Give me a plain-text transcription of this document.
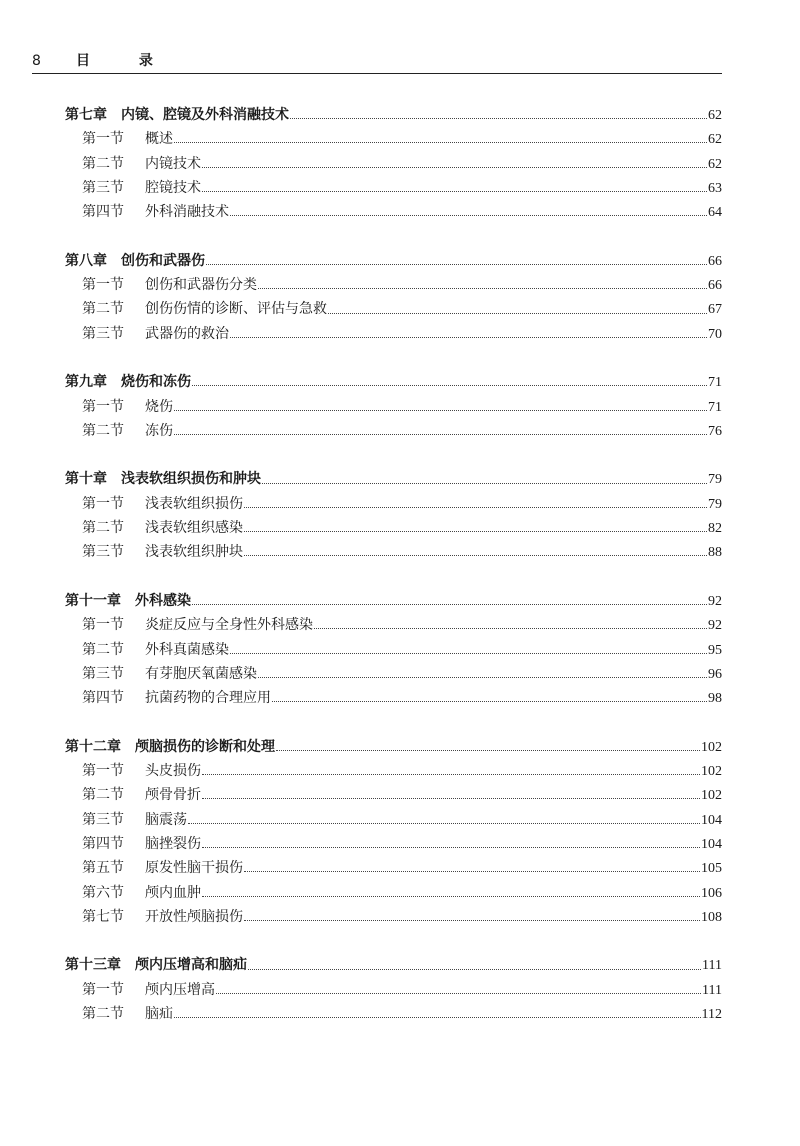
8	目 录
第七章 内镜、腔镜及外科消融技术	62
第一节	概述	62
第二节	内镜技术	62
第三节	腔镜技术	63
第四节	外科消融技术	64
第八章 创伤和武器伤	66
第一节	创伤和武器伤分类	66
第二节	创伤伤情的诊断、评估与急救	67
第三节	武器伤的救治	70
第九章 烧伤和冻伤	71
第一节	烧伤	71
第二节	冻伤	76
第十章 浅表软组织损伤和肿块	79
第一节	浅表软组织损伤	79
第二节	浅表软组织感染	82
第三节	浅表软组织肿块	88
第十一章 外科感染	92
第一节	炎症反应与全身性外科感染	92
第二节	外科真菌感染	95
第三节	有芽胞厌氧菌感染	96
第四节	抗菌药物的合理应用	98
第十二章 颅脑损伤的诊断和处理	102
第一节	头皮损伤	102
第二节	颅骨骨折	102
第三节	脑震荡	104
第四节	脑挫裂伤	104
第五节	原发性脑干损伤	105
第六节	颅内血肿	106
第七节	开放性颅脑损伤	108
第十三章 颅内压增高和脑疝	111
第一节	颅内压增高	111
第二节	脑疝	112
